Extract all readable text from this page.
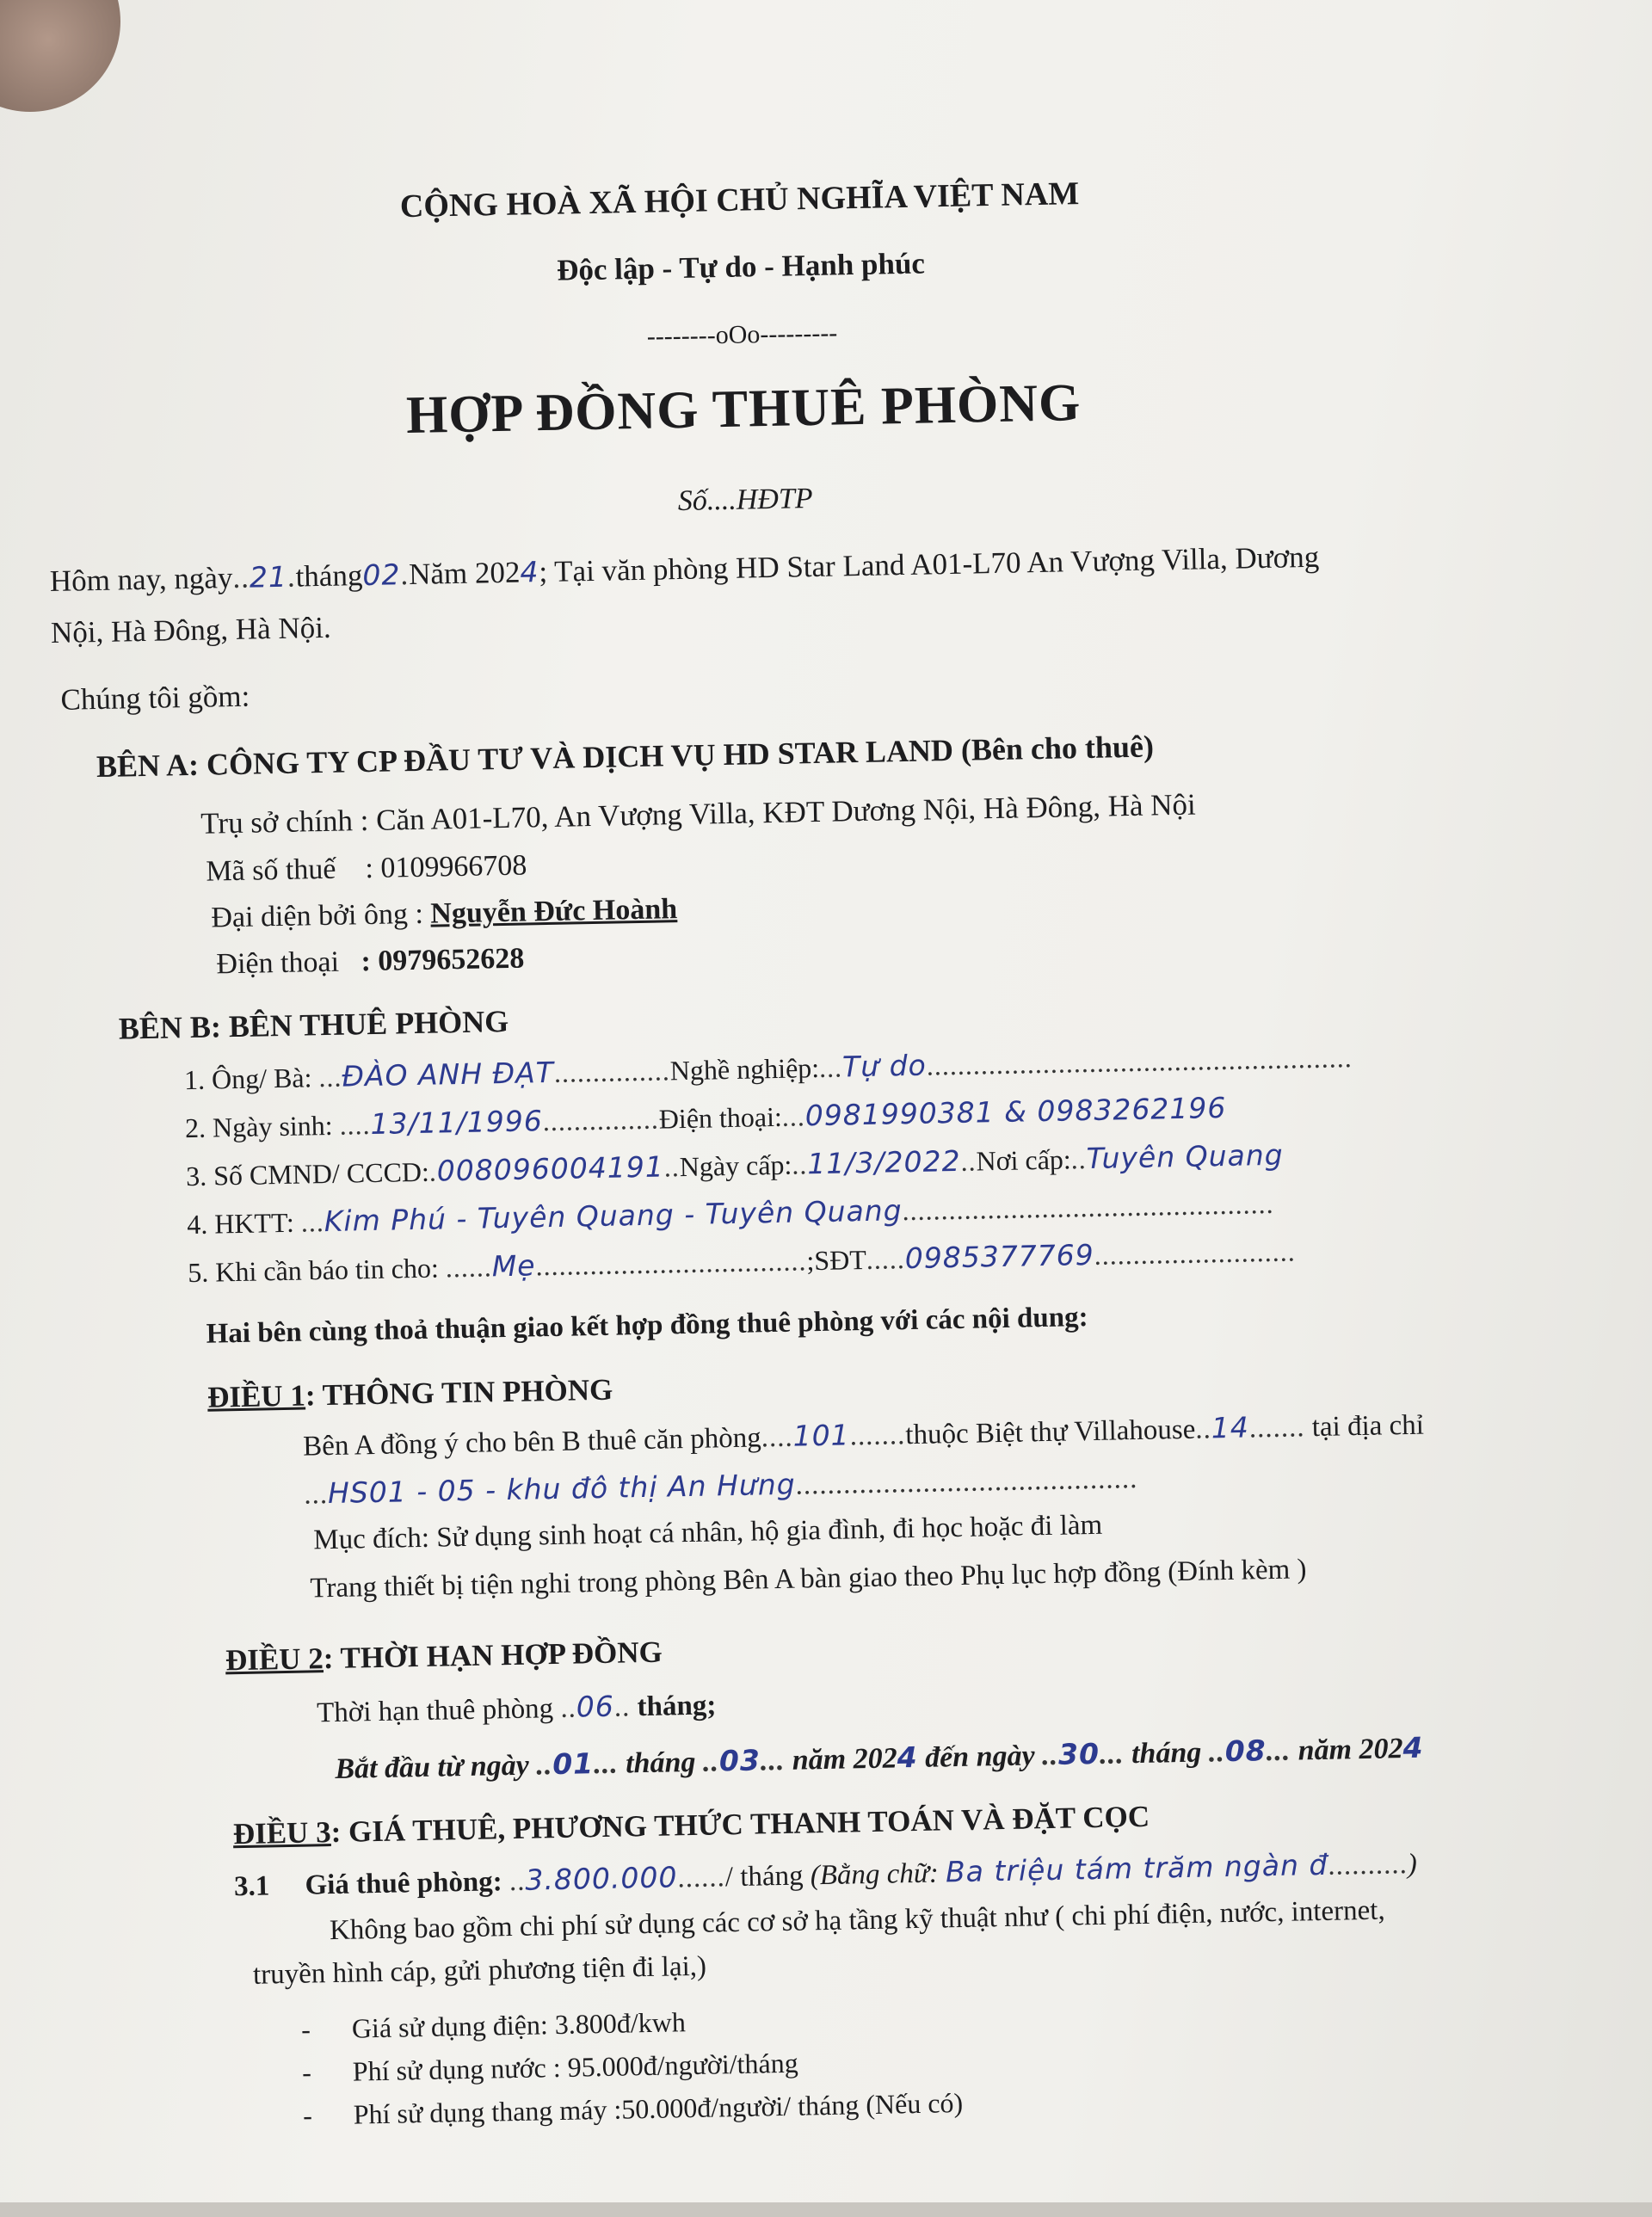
CỘNG HOÀ XÃ HỘI CHỦ NGHĨA VIỆT NAM
Độc lập - Tự do - Hạnh phúc
--------oOo---------
HỢP ĐỒNG THUÊ PHÒNG
Số....HĐTP
Hôm nay, ngày..21.tháng02.Năm 2024; Tại văn phòng HD Star Land A01-L70 An Vượng Villa, Dương
Nội, Hà Đông, Hà Nội.
Chúng tôi gồm:
BÊN A: CÔNG TY CP ĐẦU TƯ VÀ DỊCH VỤ HD STAR LAND (Bên cho thuê)
Trụ sở chính : Căn A01-L70, An Vượng Villa, KĐT Dương Nội, Hà Đông, Hà Nội
Mã số thuế : 0109966708
Đại diện bởi ông : Nguyễn Đức Hoành
Điện thoại : 0979652628
BÊN B: BÊN THUÊ PHÒNG
1. Ông/ Bà: ...ĐÀO ANH ĐẠT...............Nghề nghiệp:...Tự do.......................................................
2. Ngày sinh: ....13/11/1996...............Điện thoại:...0981990381 & 0983262196
3. Số CMND/ CCCD:.008096004191..Ngày cấp:..11/3/2022..Nơi cấp:..Tuyên Quang
4. HKTT: ...Kim Phú - Tuyên Quang - Tuyên Quang................................................
5. Khi cần báo tin cho: ......Mẹ...................................;SĐT.....0985377769..........................
Hai bên cùng thoả thuận giao kết hợp đồng thuê phòng với các nội dung:
ĐIỀU 1: THÔNG TIN PHÒNG
Bên A đồng ý cho bên B thuê căn phòng....101.......thuộc Biệt thự Villahouse..14....... tại địa chỉ
...HS01 - 05 - khu đô thị An Hưng...........................................
Mục đích: Sử dụng sinh hoạt cá nhân, hộ gia đình, đi học hoặc đi làm
Trang thiết bị tiện nghi trong phòng Bên A bàn giao theo Phụ lục hợp đồng (Đính kèm )
ĐIỀU 2: THỜI HẠN HỢP ĐỒNG
Thời hạn thuê phòng ..06.. tháng;
Bắt đầu từ ngày ..01... tháng ..03... năm 2024 đến ngày ..30... tháng ..08... năm 2024
ĐIỀU 3: GIÁ THUÊ, PHƯƠNG THỨC THANH TOÁN VÀ ĐẶT CỌC
3.1 Giá thuê phòng: ..3.800.000....../ tháng (Bằng chữ: Ba triệu tám trăm ngàn đ..........)
Không bao gồm chi phí sử dụng các cơ sở hạ tầng kỹ thuật như ( chi phí điện, nước, internet,
truyền hình cáp, gửi phương tiện đi lại,)
- Giá sử dụng điện: 3.800đ/kwh
- Phí sử dụng nước : 95.000đ/người/tháng
- Phí sử dụng thang máy :50.000đ/người/ tháng (Nếu có)
